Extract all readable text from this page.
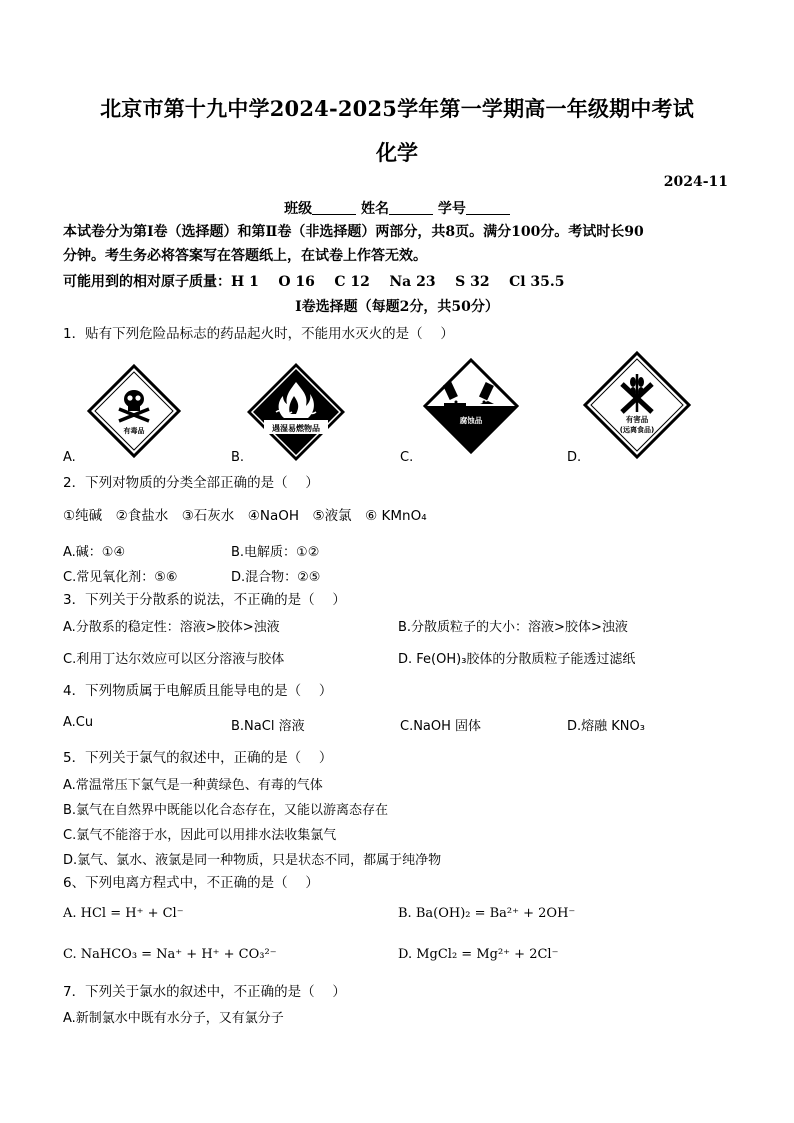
北京市第十九中学2024-2025学年第一学期高一年级期中考试
化学
2024-11
班级	姓名	学号
本试卷分为第Ⅰ卷（选择题）和第Ⅱ卷（非选择题）两部分，共8页。满分100分。考试时长90
分钟。考生务必将答案写在答题纸上，在试卷上作答无效。
可能用到的相对原子质量：H 1    O 16    C 12    Na 23    S 32    Cl 35.5
Ⅰ卷选择题（每题2分，共50分）
1．贴有下列危险品标志的药品起火时，不能用水灭火的是（　 ）
有毒品	遇湿易燃物品
腐蚀品	有害品
(远离食品)
A.	B.	C.	D.
2．下列对物质的分类全部正确的是（　 ）
①纯碱　②食盐水　③石灰水　④NaOH　⑤液氯　⑥ KMnO₄
A.碱：①④	B.电解质：①②
C.常见氧化剂：⑤⑥	D.混合物：②⑤
3．下列关于分散系的说法，不正确的是（　 ）
A.分散系的稳定性：溶液>胶体>浊液	B.分散质粒子的大小：溶液>胶体>浊液
C.利用丁达尔效应可以区分溶液与胶体	D. Fe(OH)₃胶体的分散质粒子能透过滤纸
4．下列物质属于电解质且能导电的是（　 ）
A.Cu	B.NaCl 溶液	C.NaOH 固体	D.熔融 KNO₃
5．下列关于氯气的叙述中，正确的是（　 ）
A.常温常压下氯气是一种黄绿色、有毒的气体
B.氯气在自然界中既能以化合态存在，又能以游离态存在
C.氯气不能溶于水，因此可以用排水法收集氯气
D.氯气、氯水、液氯是同一种物质，只是状态不同，都属于纯净物
6、下列电离方程式中，不正确的是（　 ）
A. HCl = H⁺ + Cl⁻	B. Ba(OH)₂ = Ba²⁺ + 2OH⁻
C. NaHCO₃ = Na⁺ + H⁺ + CO₃²⁻	D. MgCl₂ = Mg²⁺ + 2Cl⁻
7．下列关于氯水的叙述中，不正确的是（　 ）
A.新制氯水中既有水分子，又有氯分子
